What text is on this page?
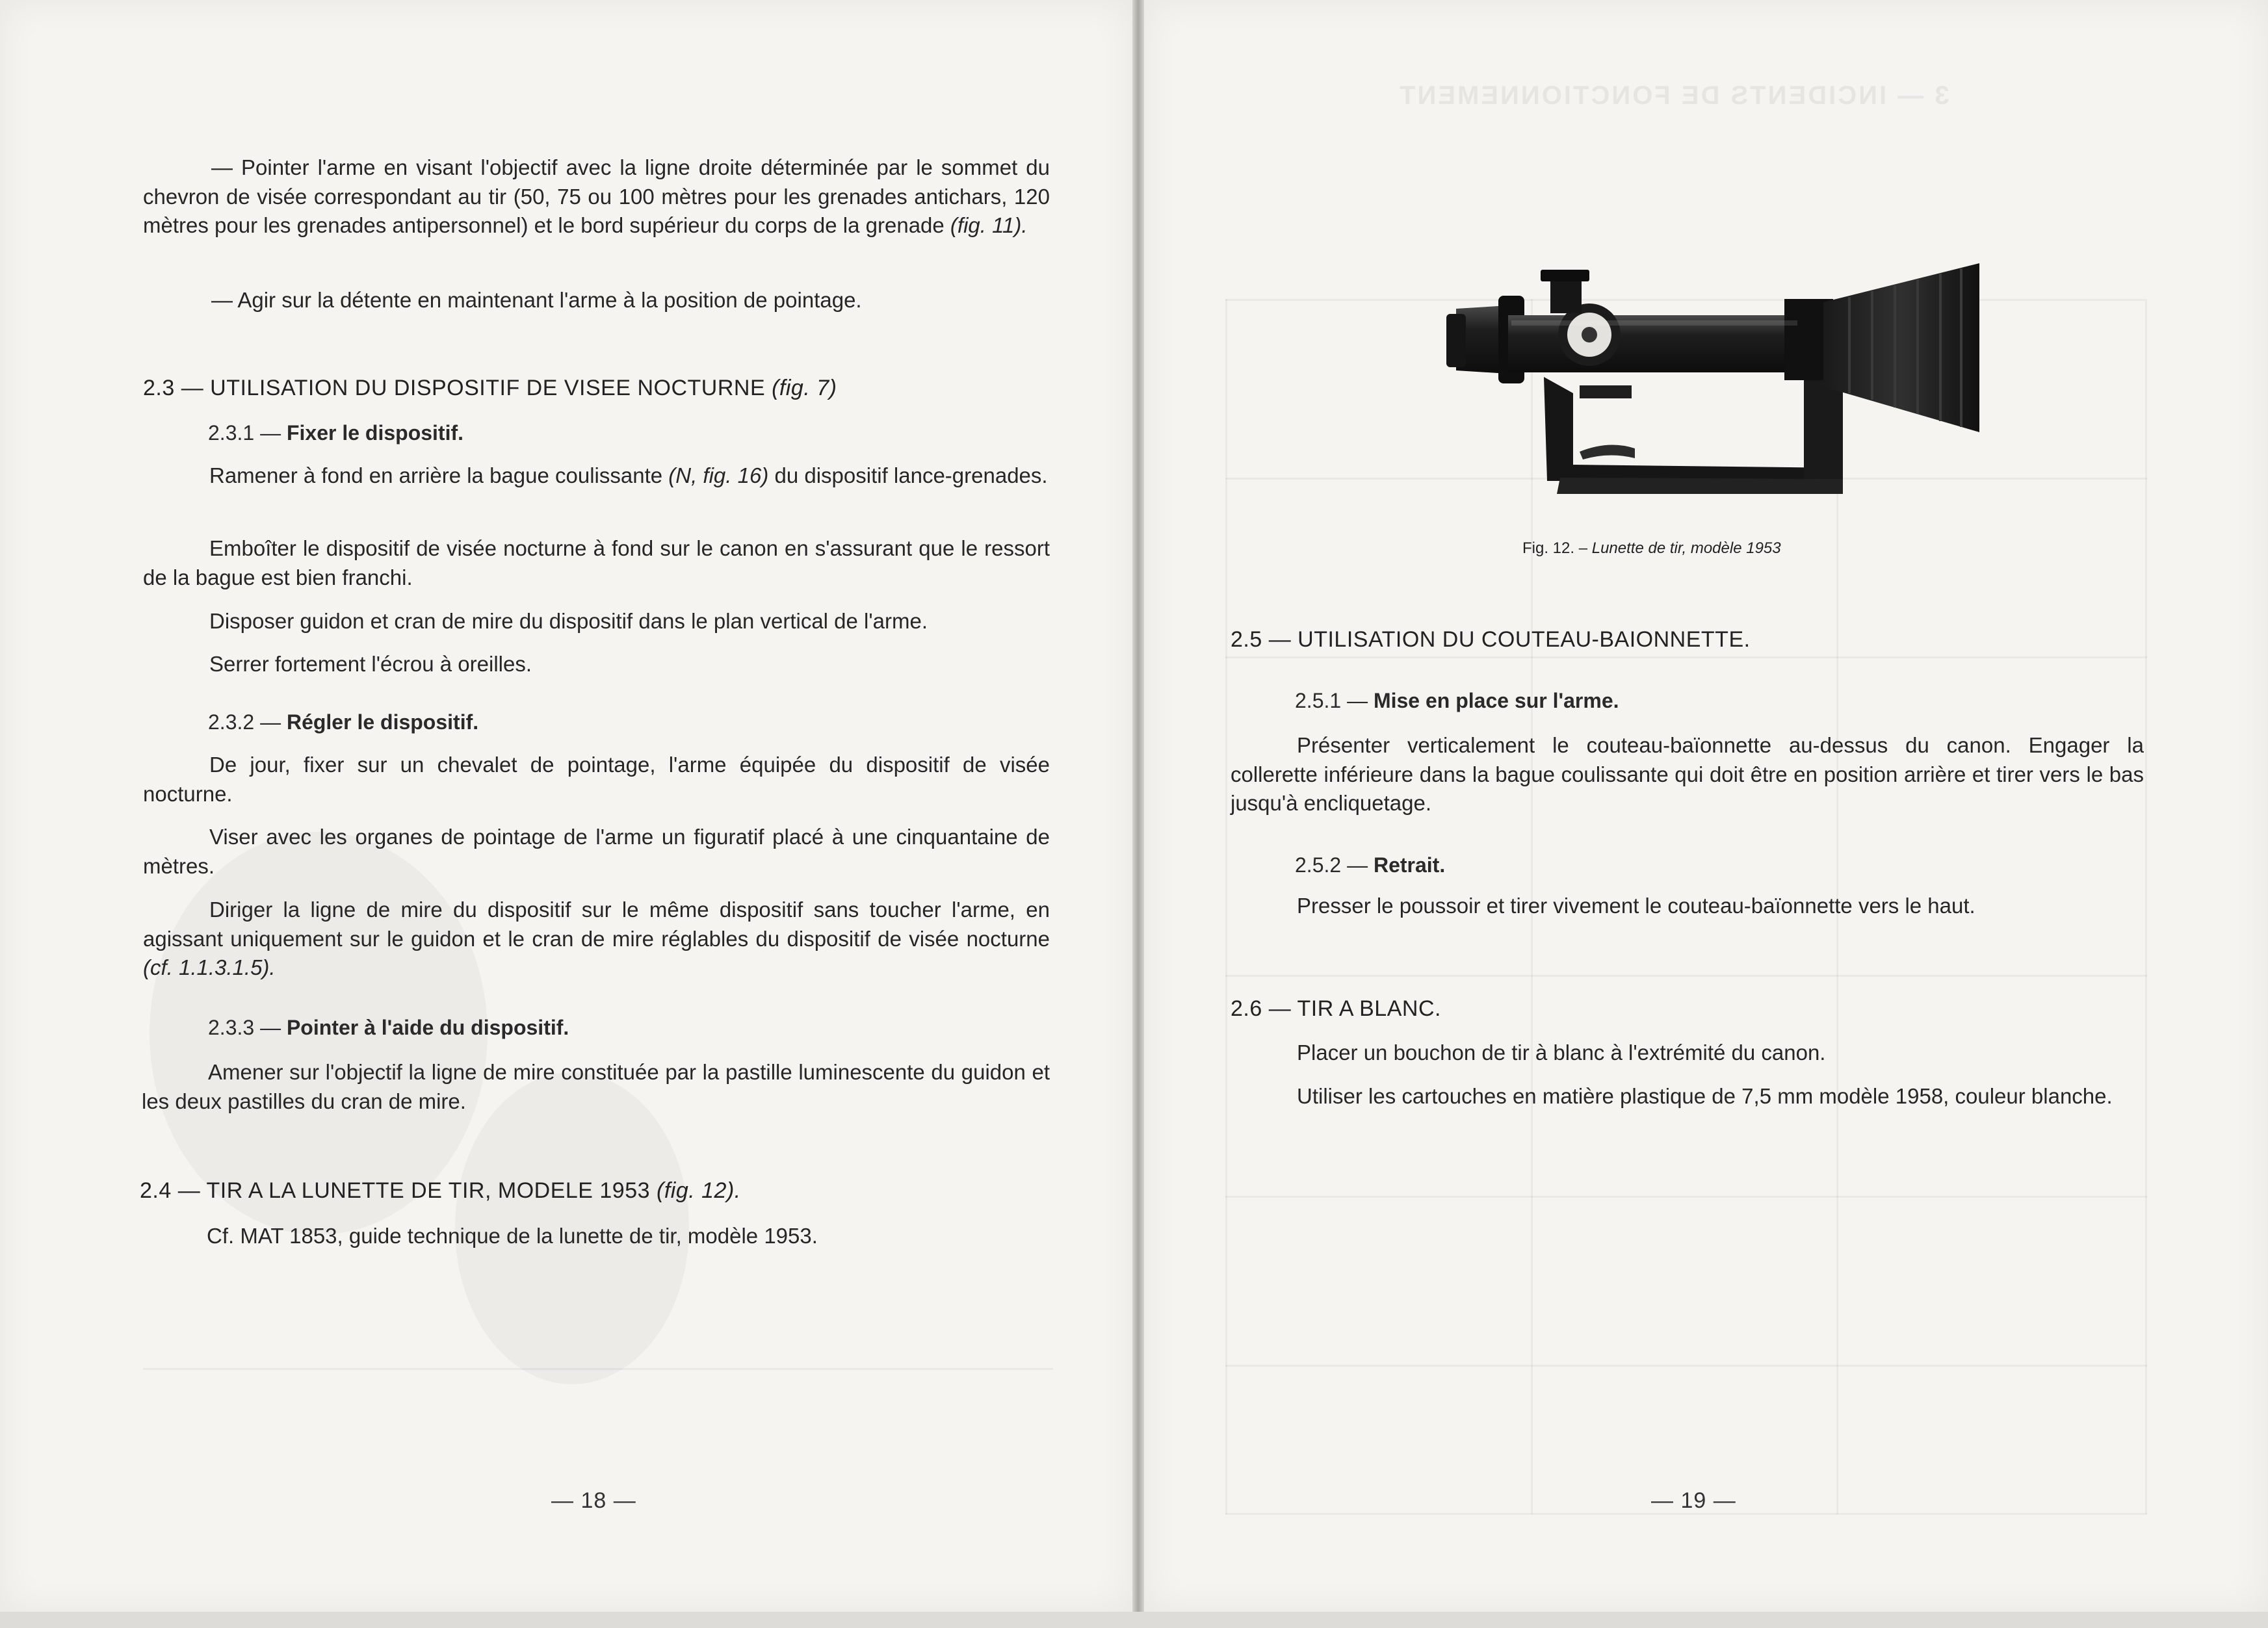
— Pointer l'arme en visant l'objectif avec la ligne droite déterminée par le sommet du chevron de visée correspondant au tir (50, 75 ou 100 mètres pour les grenades antichars, 120 mètres pour les grenades antipersonnel) et le bord supérieur du corps de la grenade (fig. 11).

— Agir sur la détente en maintenant l'arme à la position de pointage.

2.3 — UTILISATION DU DISPOSITIF DE VISEE NOCTURNE (fig. 7)

2.3.1 — Fixer le dispositif.

Ramener à fond en arrière la bague coulissante (N, fig. 16) du dispositif lance-grenades.

Emboîter le dispositif de visée nocturne à fond sur le canon en s'assurant que le ressort de la bague est bien franchi.

Disposer guidon et cran de mire du dispositif dans le plan vertical de l'arme.

Serrer fortement l'écrou à oreilles.

2.3.2 — Régler le dispositif.

De jour, fixer sur un chevalet de pointage, l'arme équipée du dispositif de visée nocturne.

Viser avec les organes de pointage de l'arme un figuratif placé à une cinquantaine de mètres.

Diriger la ligne de mire du dispositif sur le même dispositif sans toucher l'arme, en agissant uniquement sur le guidon et le cran de mire réglables du dispositif de visée nocturne (cf. 1.1.3.1.5).

2.3.3 — Pointer à l'aide du dispositif.

Amener sur l'objectif la ligne de mire constituée par la pastille luminescente du guidon et les deux pastilles du cran de mire.

2.4 — TIR A LA LUNETTE DE TIR, MODELE 1953 (fig. 12).

Cf. MAT 1853, guide technique de la lunette de tir, modèle 1953.

— 18 —

3 — INCIDENTS DE FONCTIONNEMENT

Fig. 12. – Lunette de tir, modèle 1953

2.5 — UTILISATION DU COUTEAU-BAIONNETTE.

2.5.1 — Mise en place sur l'arme.

Présenter verticalement le couteau-baïonnette au-dessus du canon. Engager la collerette inférieure dans la bague coulissante qui doit être en position arrière et tirer vers le bas jusqu'à encliquetage.

2.5.2 — Retrait.

Presser le poussoir et tirer vivement le couteau-baïonnette vers le haut.

2.6 — TIR A BLANC.

Placer un bouchon de tir à blanc à l'extrémité du canon.

Utiliser les cartouches en matière plastique de 7,5 mm modèle 1958, couleur blanche.

— 19 —
